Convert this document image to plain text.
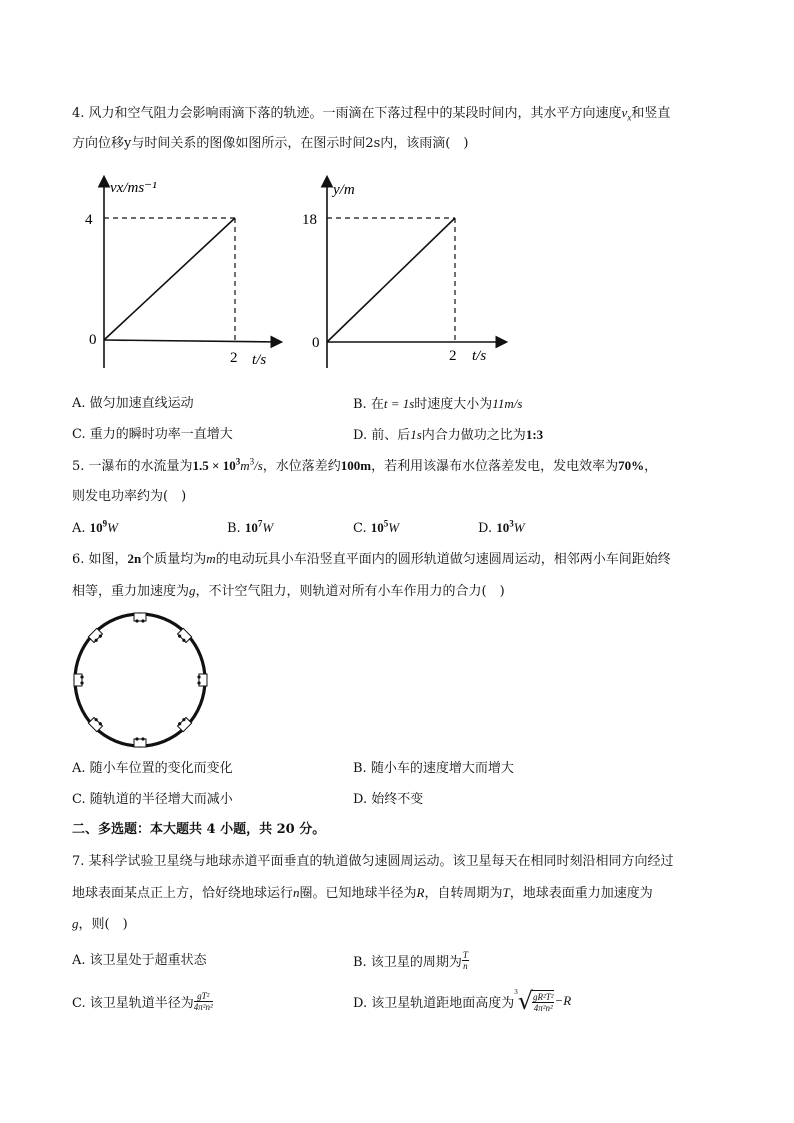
4. 风力和空气阻力会影响雨滴下落的轨迹。一雨滴在下落过程中的某段时间内，其水平方向速度$v_x$和竖直
方向位移y与时间关系的图像如图所示，在图示时间2s内，该雨滴(　)
vx/ms⁻¹
4
0
2 t/s
y/m
18
0
2 t/s
A. 做匀加速直线运动	B. 在t = 1s时速度大小为11m/s
C. 重力的瞬时功率一直增大	D. 前、后1s内合力做功之比为1:3
5. 一瀑布的水流量为$1.5 \times 10^3m^3/s$，水位落差约100m，若利用该瀑布水位落差发电，发电效率为70%，
则发电功率约为(　)
A. $10^9W$	B. $10^7W$	C. $10^5W$	D. $10^3W$
6. 如图，2n个质量均为m的电动玩具小车沿竖直平面内的圆形轨道做匀速圆周运动，相邻两小车间距始终
相等，重力加速度为g，不计空气阻力，则轨道对所有小车作用力的合力(　)
A. 随小车位置的变化而变化	B. 随小车的速度增大而增大
C. 随轨道的半径增大而减小	D. 始终不变
二、多选题：本大题共 4 小题，共 20 分。
7. 某科学试验卫星绕与地球赤道平面垂直的轨道做匀速圆周运动。该卫星每天在相同时刻沿相同方向经过
地球表面某点正上方，恰好绕地球运行n圈。已知地球半径为R，自转周期为T，地球表面重力加速度为
g，则(　)
A. 该卫星处于超重状态	B. 该卫星的周期为 $\frac{T}{n}$
C. 该卫星轨道半径为 $\frac{\text{gT²}}{\text{4π²n²}}$	D. 该卫星轨道距地面高度为
3 √ $\frac{\text{gR²T²}}{\text{4π²n²}} -R$
